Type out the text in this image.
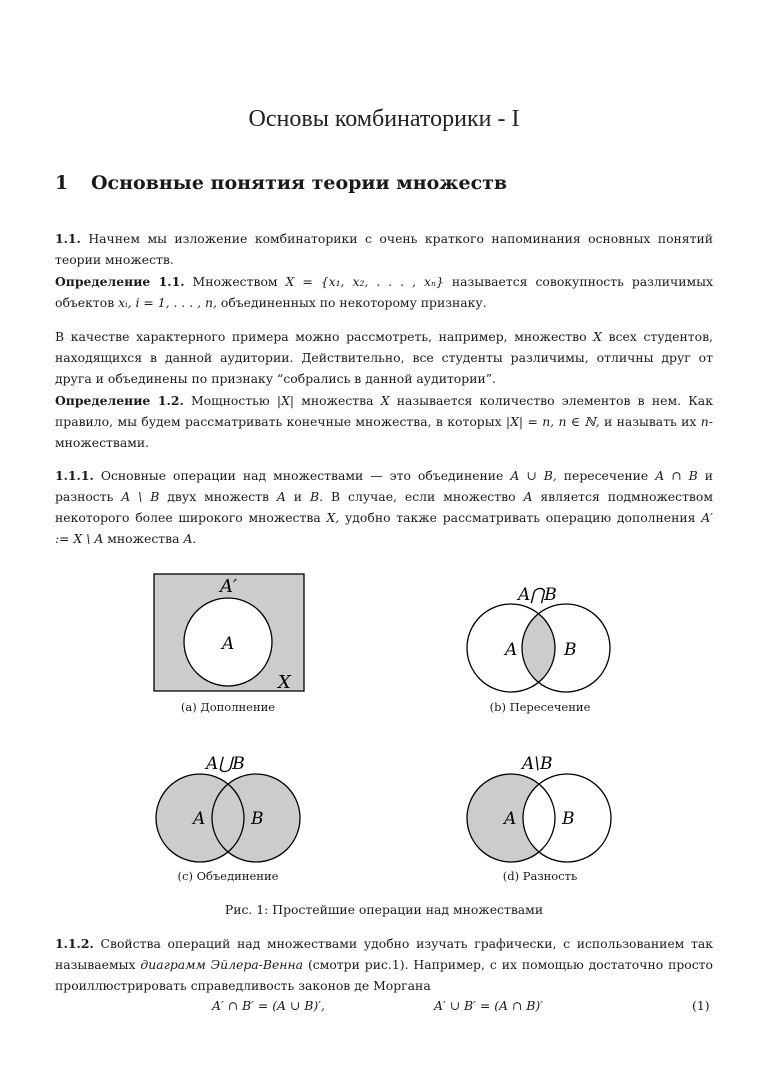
Основы комбинаторики - I
1 Основные понятия теории множеств
1.1. Начнем мы изложение комбинаторики с очень краткого напоминания основных понятий теории множеств.
Определение 1.1. Множеством X = {x₁, x₂, . . . , xₙ} называется совокупность различимых объектов xᵢ, i = 1, . . . , n, объединенных по некоторому признаку.
В качестве характерного примера можно рассмотреть, например, множество X всех студентов, находящихся в данной аудитории. Действительно, все студенты различимы, отличны друг от друга и объединены по признаку “собрались в данной аудитории”.
Определение 1.2. Мощностью |X| множества X называется количество элементов в нем. Как правило, мы будем рассматривать конечные множества, в которых |X| = n, n ∈ ℕ, и называть их n-множествами.
1.1.1. Основные операции над множествами — это объединение A ∪ B, пересечение A ∩ B и разность A \ B двух множеств A и B. В случае, если множество A является подмножеством некоторого более широкого множества X, удобно также рассматривать операцию дополнения A′ := X \ A множества A.
A′
A
X
(a) Дополнение
A⋂B
A	B
(b) Пересечение
A⋃B
A	B
(c) Объединение
A\B
A	B
(d) Разность
Рис. 1: Простейшие операции над множествами
1.1.2. Свойства операций над множествами удобно изучать графически, с использованием так называемых диаграмм Эйлера-Венна (смотри рис.1). Например, с их помощью достаточно просто проиллюстрировать справедливость законов де Моргана
A′ ∩ B′ = (A ∪ B)′,	A′ ∪ B′ = (A ∩ B)′	(1)
